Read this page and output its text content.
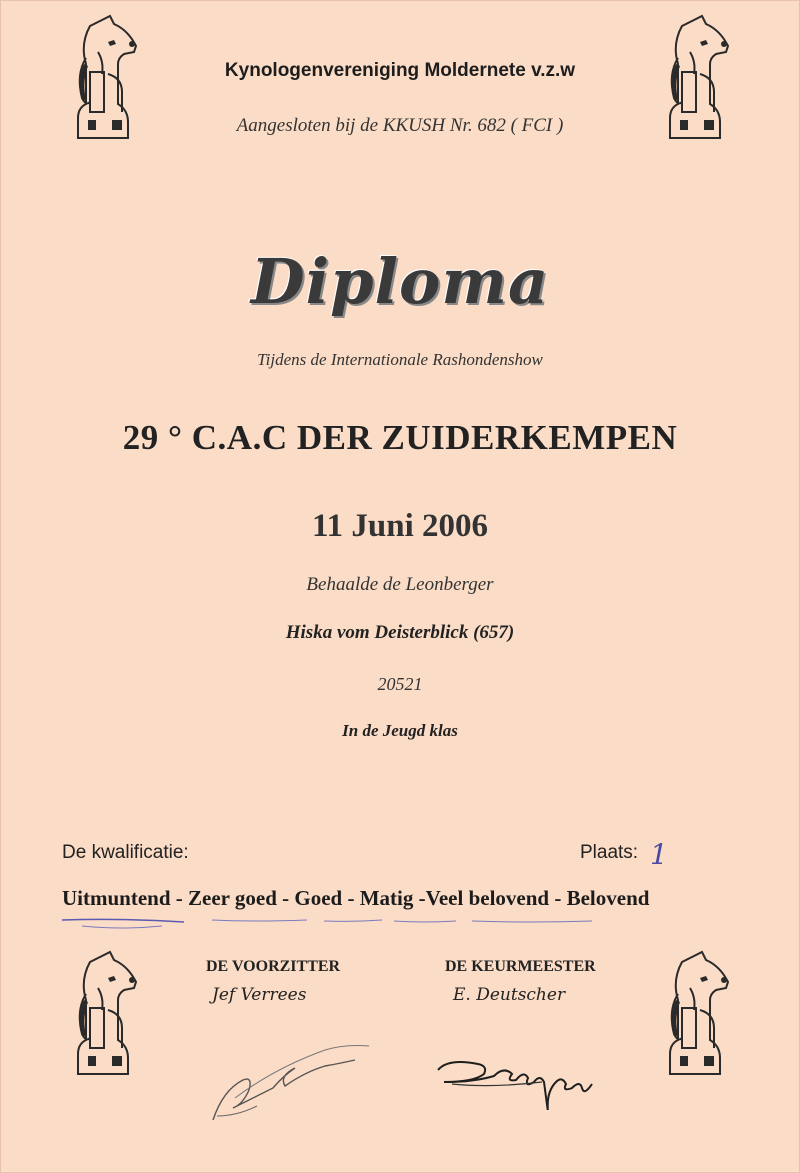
Kynologenvereniging Moldernete v.z.w
Aangesloten bij de KKUSH Nr. 682 ( FCI )
Diploma
Tijdens de Internationale Rashondenshow
29 ° C.A.C DER ZUIDERKEMPEN
11 Juni 2006
Behaalde de Leonberger
Hiska vom Deisterblick (657)
20521
In de Jeugd klas
De kwalificatie:	Plaats: 1
Uitmuntend - Zeer goed - Goed - Matig -Veel belovend - Belovend
DE VOORZITTER	DE KEURMEESTER
Jef Verrees	E. Deutscher
